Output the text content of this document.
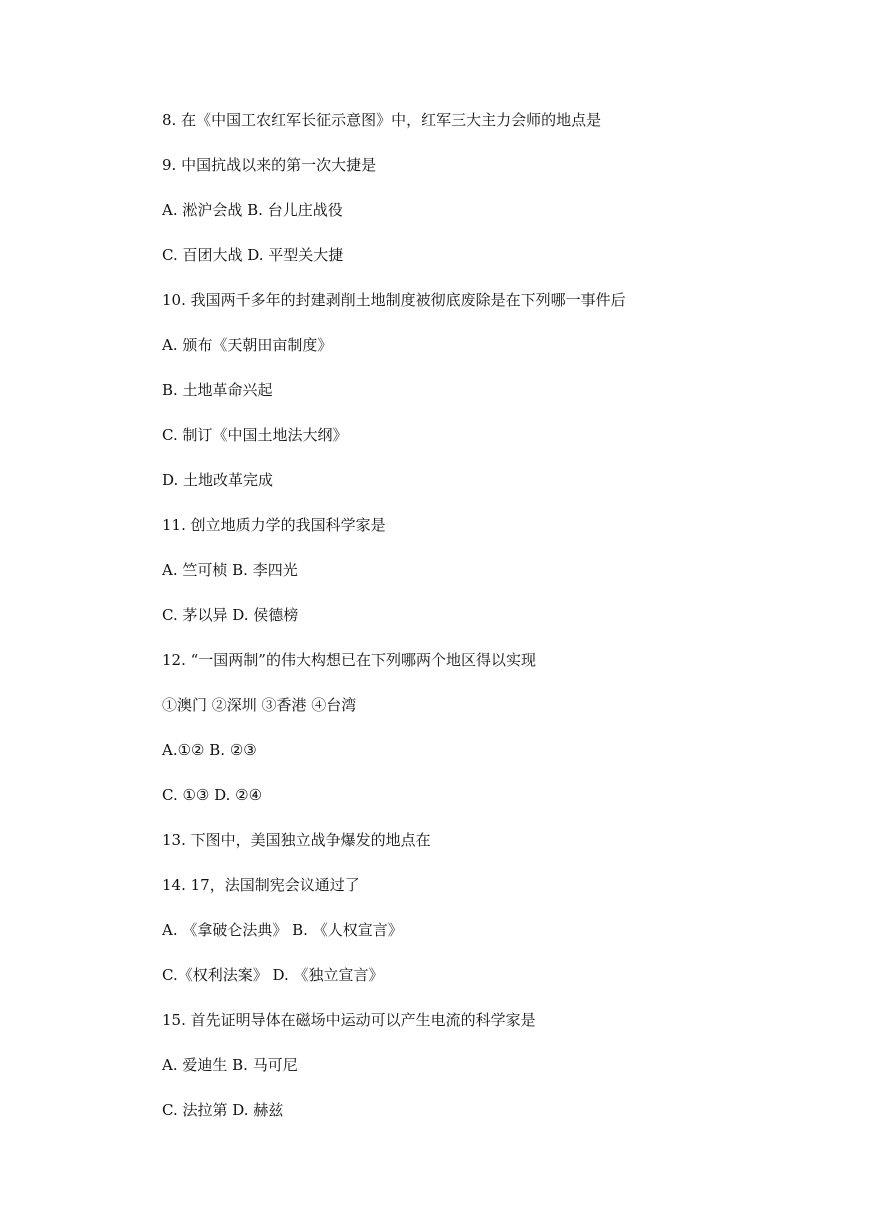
8. 在《中国工农红军长征示意图》中，红军三大主力会师的地点是
9. 中国抗战以来的第一次大捷是
A. 淞沪会战 B. 台儿庄战役
C. 百团大战 D. 平型关大捷
10. 我国两千多年的封建剥削土地制度被彻底废除是在下列哪一事件后
A. 颁布《天朝田亩制度》
B. 土地革命兴起
C. 制订《中国土地法大纲》
D. 土地改革完成
11. 创立地质力学的我国科学家是
A. 竺可桢 B. 李四光
C. 茅以异 D. 侯德榜
12. “一国两制”的伟大构想已在下列哪两个地区得以实现
①澳门 ②深圳 ③香港 ④台湾
A.①② B. ②③
C. ①③ D. ②④
13. 下图中，美国独立战争爆发的地点在
14. 17，法国制宪会议通过了
A. 《拿破仑法典》 B. 《人权宣言》
C.《权利法案》 D. 《独立宣言》
15. 首先证明导体在磁场中运动可以产生电流的科学家是
A. 爱迪生 B. 马可尼
C. 法拉第 D. 赫兹
